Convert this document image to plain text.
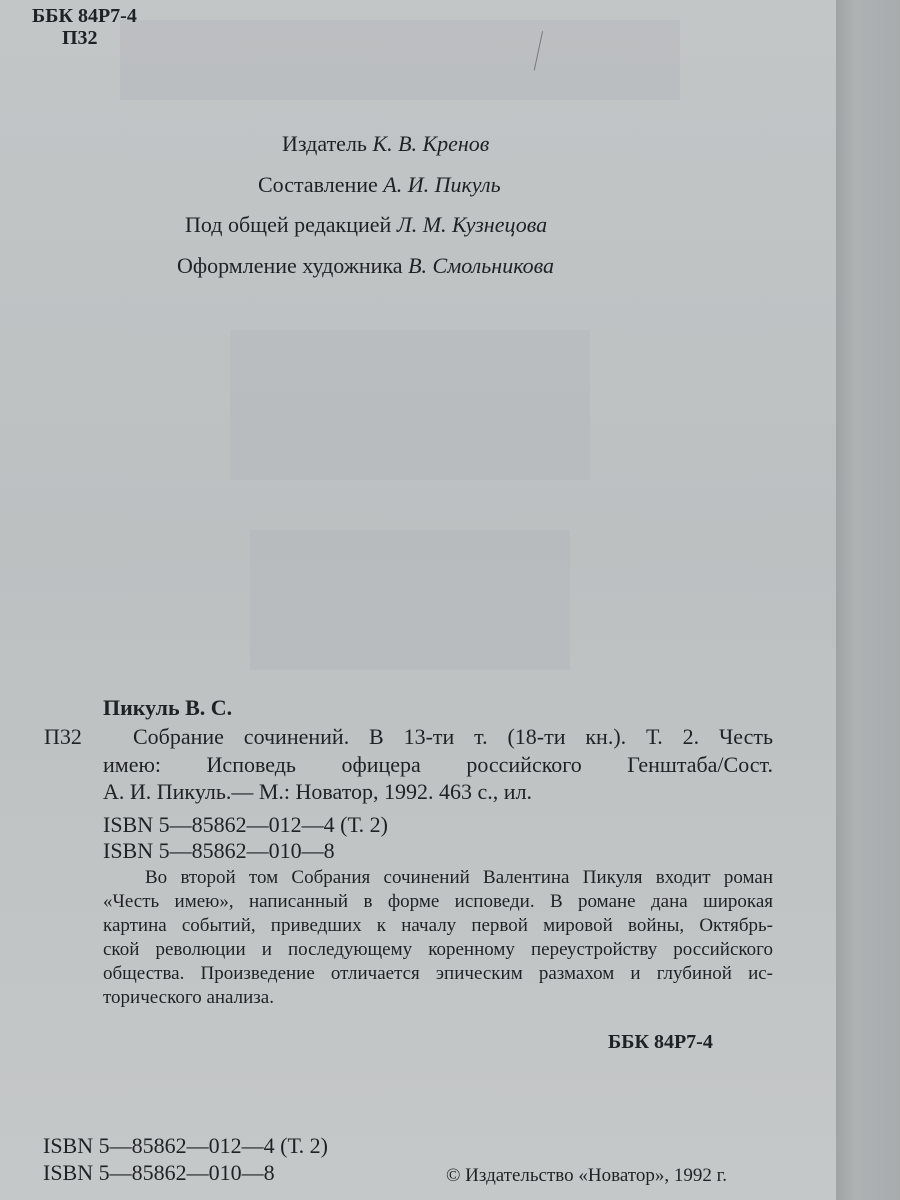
ББК 84Р7-4
П32
Издатель К. В. Кренов
Составление А. И. Пикуль
Под общей редакцией Л. М. Кузнецова
Оформление художника В. Смольникова
Пикуль В. С.
П32 Собрание сочинений. В 13-ти т. (18-ти кн.). Т. 2. Честь
имею: Исповедь офицера российского Генштаба/Сост.
А. И. Пикуль.— М.: Новатор, 1992. 463 с., ил.
ISBN 5—85862—012—4 (Т. 2)
ISBN 5—85862—010—8
Во второй том Собрания сочинений Валентина Пикуля входит роман
«Честь имею», написанный в форме исповеди. В романе дана широкая
картина событий, приведших к началу первой мировой войны, Октябрь-
ской революции и последующему коренному переустройству российского
общества. Произведение отличается эпическим размахом и глубиной ис-
торического анализа.
ББК 84Р7-4
ISBN 5—85862—012—4 (Т. 2)
ISBN 5—85862—010—8	© Издательство «Новатор», 1992 г.
